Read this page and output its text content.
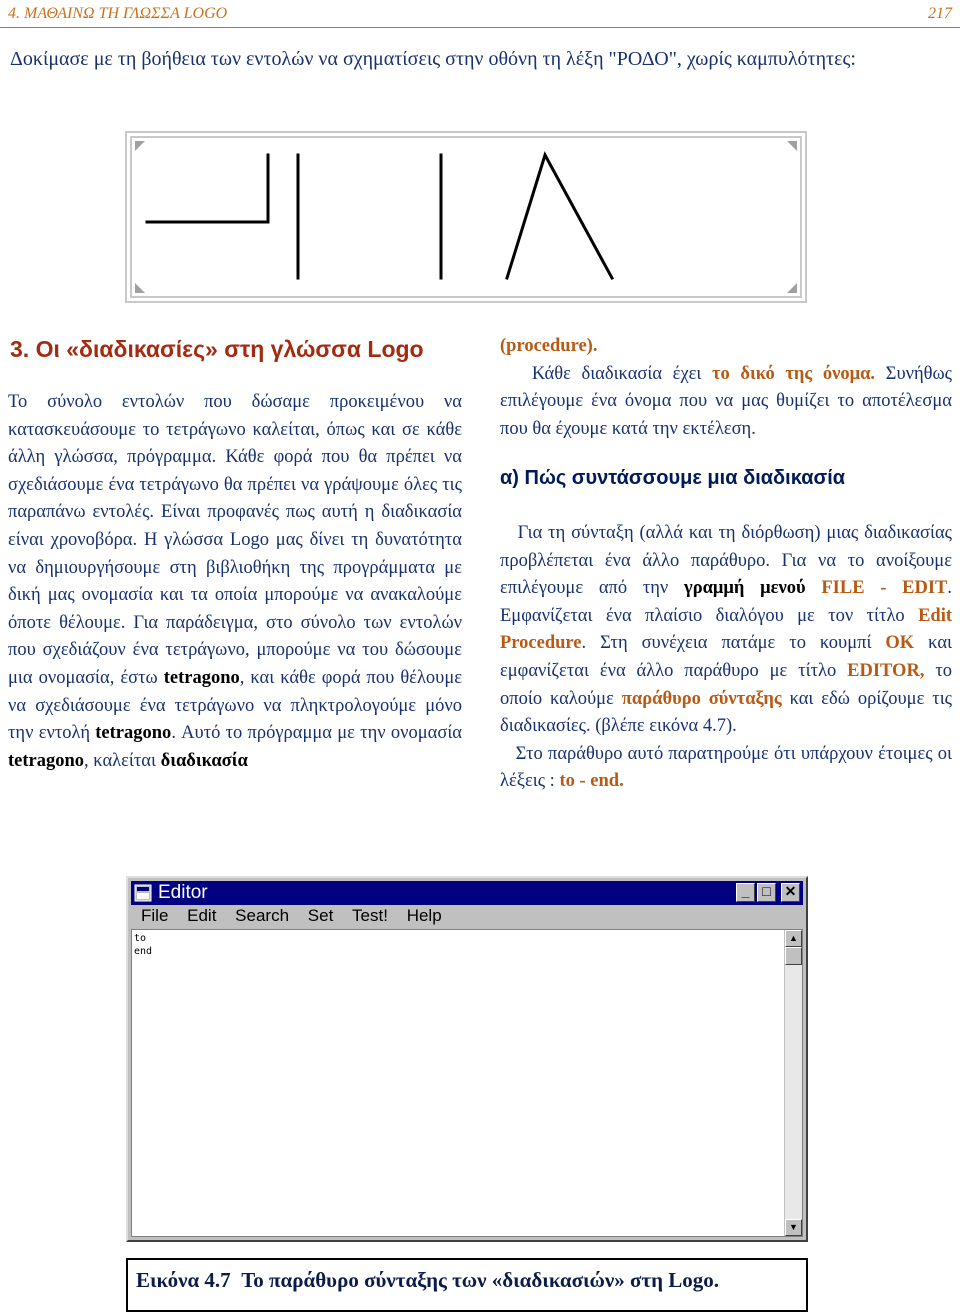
4. ΜΑΘΑΙΝΩ ΤΗ ΓΛΩΣΣΑ LOGO	217
Δοκίμασε με τη βοήθεια των εντολών να σχηματίσεις στην οθόνη τη λέξη "ΡΟΔΟ", χωρίς καμπυλότητες:
3. Οι «διαδικασίες» στη γλώσσα Logo

Το σύνολο εντολών που δώσαμε προκειμένου να κατασκευάσουμε το τετράγωνο καλείται, όπως και σε κάθε άλλη γλώσσα, πρόγραμμα. Κάθε φορά που θα πρέπει να σχεδιάσουμε ένα τετράγωνο θα πρέπει να γράψουμε όλες τις παραπάνω εντολές. Είναι προφανές πως αυτή η διαδικασία είναι χρονοβόρα. Η γλώσσα Logo μας δίνει τη δυνατότητα να δημιουργήσουμε στη βιβλιοθήκη της προγράμματα με δική μας ονομασία και τα οποία μπορούμε να ανακαλούμε όποτε θέλουμε. Για παράδειγμα, στο σύνολο των εντολών που σχεδιάζουν ένα τετράγωνο, μπορούμε να του δώσουμε μια ονομασία, έστω tetragono, και κάθε φορά που θέλουμε να σχεδιάσουμε ένα τετράγωνο να πληκτρολογούμε μόνο την εντολή tetragono. Αυτό το πρόγραμμα με την ονομασία tetragono, καλείται διαδικασία

(procedure).
Κάθε διαδικασία έχει το δικό της όνομα. Συνήθως επιλέγουμε ένα όνομα που να μας θυμίζει το αποτέλεσμα που θα έχουμε κατά την εκτέλεση.

α) Πώς συντάσσουμε μια διαδικασία

Για τη σύνταξη (αλλά και τη διόρθωση) μιας διαδικασίας προβλέπεται ένα άλλο παράθυρο. Για να το ανοίξουμε επιλέγουμε από την γραμμή μενού FILE - EDIT. Εμφανίζεται ένα πλαίσιο διαλόγου με τον τίτλο Edit Procedure. Στη συνέχεια πατάμε το κουμπί OK και εμφανίζεται ένα άλλο παράθυρο με τίτλο EDITOR, το οποίο καλούμε παράθυρο σύνταξης και εδώ ορίζουμε τις διαδικασίες. (βλέπε εικόνα 4.7).

Στο παράθυρο αυτό παρατηρούμε ότι υπάρχουν έτοιμες οι λέξεις : to - end.

Editor	_ □ ✕
File Edit Search Set Test! Help
to
end
▲
▼
Εικόνα 4.7 Το παράθυρο σύνταξης των «διαδικασιών» στη Logo.
